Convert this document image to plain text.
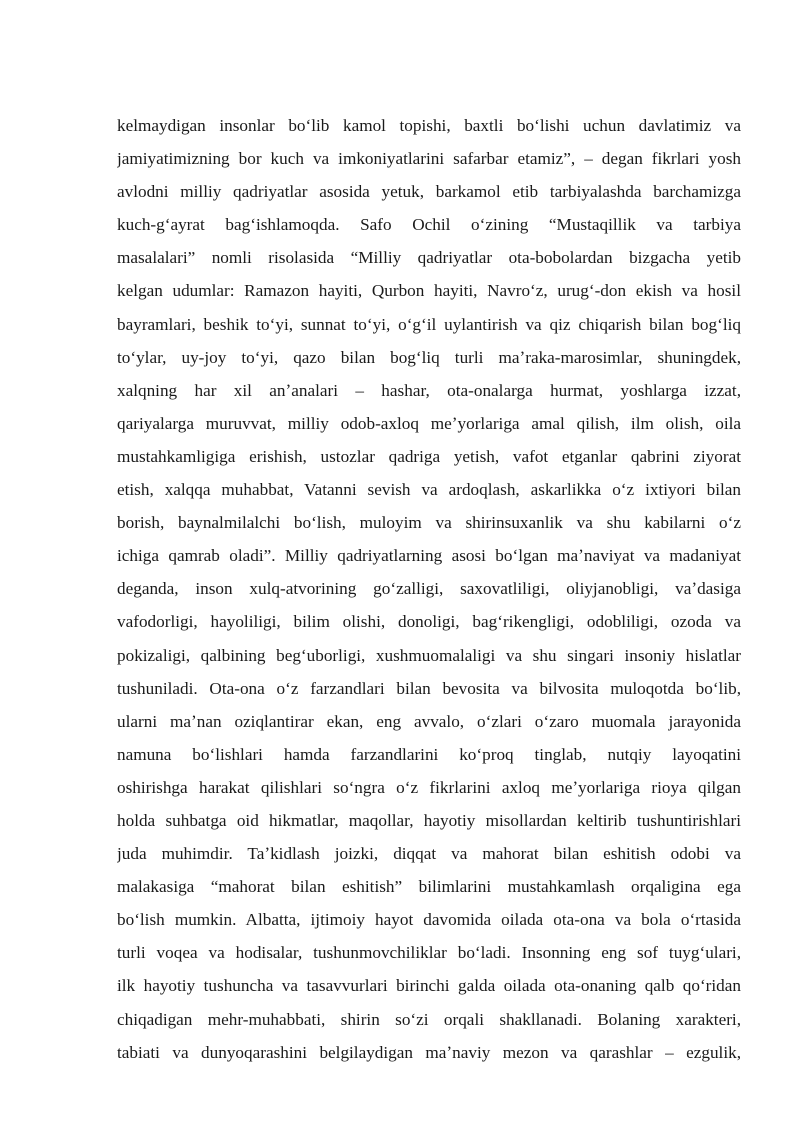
kelmaydigan insonlar boʻlib kamol topishi, baxtli boʻlishi uchun davlatimiz va
jamiyatimizning bor kuch va imkoniyatlarini safarbar etamiz”, – degan fikrlari yosh
avlodni milliy qadriyatlar asosida yetuk, barkamol etib tarbiyalashda barchamizga
kuch-gʻayrat bagʻishlamoqda. Safo Ochil oʻzining “Mustaqillik va tarbiya
masalalari” nomli risolasida “Milliy qadriyatlar ota-bobolardan bizgacha yetib
kelgan udumlar: Ramazon hayiti, Qurbon hayiti, Navroʻz, urugʻ-don ekish va hosil
bayramlari, beshik toʻyi, sunnat toʻyi, oʻgʻil uylantirish va qiz chiqarish bilan bogʻliq
toʻylar, uy-joy toʻyi, qazo bilan bogʻliq turli maʼraka-marosimlar, shuningdek,
xalqning har xil anʼanalari – hashar, ota-onalarga hurmat, yoshlarga izzat,
qariyalarga muruvvat, milliy odob-axloq meʼyorlariga amal qilish, ilm olish, oila
mustahkamligiga erishish, ustozlar qadriga yetish, vafot etganlar qabrini ziyorat
etish, xalqqa muhabbat, Vatanni sevish va ardoqlash, askarlikka oʻz ixtiyori bilan
borish, baynalmilalchi boʻlish, muloyim va shirinsuxanlik va shu kabilarni oʻz
ichiga qamrab oladi”. Milliy qadriyatlarning asosi boʻlgan maʼnaviyat va madaniyat
deganda, inson xulq-atvorining goʻzalligi, saxovatliligi, oliyjanobligi, vaʼdasiga
vafodorligi, hayoliligi, bilim olishi, donoligi, bagʻrikengligi, odobliligi, ozoda va
pokizaligi, qalbining begʻuborligi, xushmuomalaligi va shu singari insoniy hislatlar
tushuniladi. Ota-ona oʻz farzandlari bilan bevosita va bilvosita muloqotda boʻlib,
ularni maʼnan oziqlantirar ekan, eng avvalo, oʻzlari oʻzaro muomala jarayonida
namuna boʻlishlari hamda farzandlarini koʻproq tinglab, nutqiy layoqatini
oshirishga harakat qilishlari soʻngra oʻz fikrlarini axloq meʼyorlariga rioya qilgan
holda suhbatga oid hikmatlar, maqollar, hayotiy misollardan keltirib tushuntirishlari
juda muhimdir. Taʼkidlash joizki, diqqat va mahorat bilan eshitish odobi va
malakasiga “mahorat bilan eshitish” bilimlarini mustahkamlash orqaligina ega
boʻlish mumkin. Albatta, ijtimoiy hayot davomida oilada ota-ona va bola oʻrtasida
turli voqea va hodisalar, tushunmovchiliklar boʻladi. Insonning eng sof tuygʻulari,
ilk hayotiy tushuncha va tasavvurlari birinchi galda oilada ota-onaning qalb qoʻridan
chiqadigan mehr-muhabbati, shirin soʻzi orqali shakllanadi. Bolaning xarakteri,
tabiati va dunyoqarashini belgilaydigan maʼnaviy mezon va qarashlar – ezgulik,
